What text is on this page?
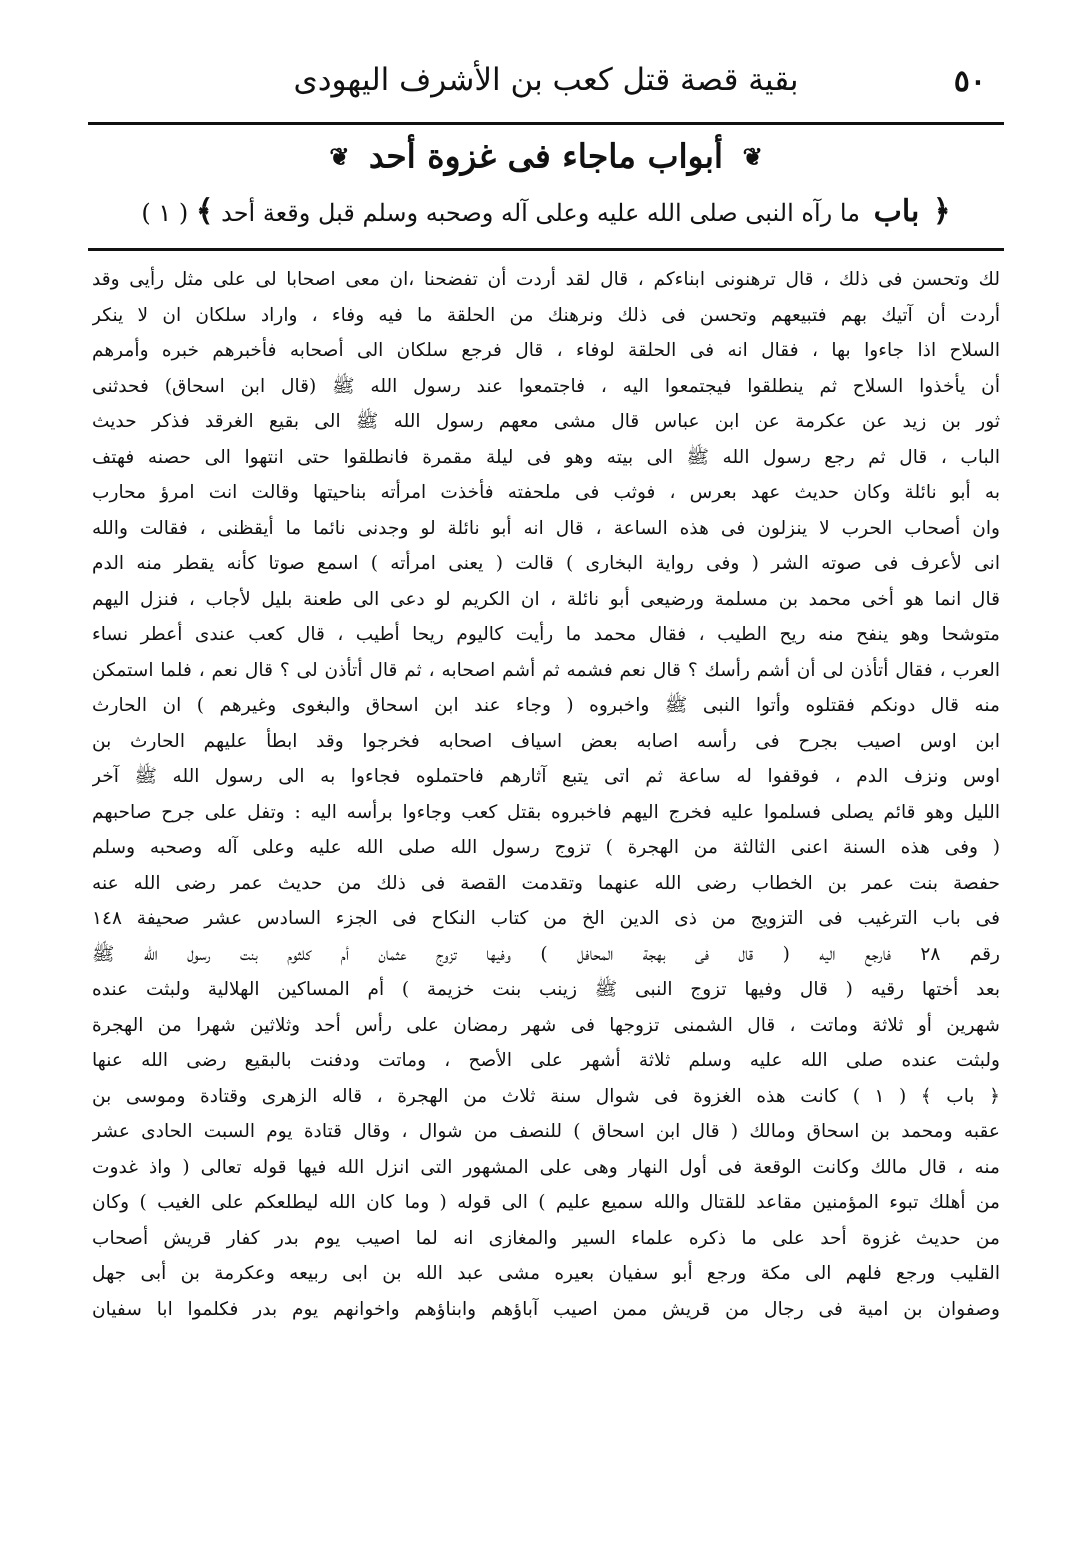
٥٠
بقية قصة قتل كعب بن الأشرف اليهودى
❦ أبواب ماجاء فى غزوة أحد ❦
﴿ باب ما رآه النبى صلى الله عليه وعلى آله وصحبه وسلم قبل وقعة أحد ﴾ ( ١ )
لك وتحسن فى ذلك ، قال ترهنونى ابناءكم ، قال لقد أردت أن تفضحنا ،ان معى اصحابا لى على مثل رأيى وقد
أردت أن آتيك بهم فتبيعهم وتحسن فى ذلك ونرهنك من الحلقة ما فيه وفاء ، واراد سلكان ان لا ينكر
السلاح اذا جاءوا بها ، فقال انه فى الحلقة لوفاء ، قال فرجع سلكان الى أصحابه فأخبرهم خبره وأمرهم
أن يأخذوا السلاح ثم ينطلقوا فيجتمعوا اليه ، فاجتمعوا عند رسول الله ﷺ (قال ابن اسحاق) فحدثنى
ثور بن زيد عن عكرمة عن ابن عباس قال مشى معهم رسول الله ﷺ الى بقيع الغرقد فذكر حديث
الباب ، قال ثم رجع رسول الله ﷺ الى بيته وهو فى ليلة مقمرة فانطلقوا حتى انتهوا الى حصنه فهتف
به أبو نائلة وكان حديث عهد بعرس ، فوثب فى ملحفته فأخذت امرأته بناحيتها وقالت انت امرؤ محارب
وان أصحاب الحرب لا ينزلون فى هذه الساعة ، قال انه أبو نائلة لو وجدنى نائما ما أيقظنى ، فقالت والله
انى لأعرف فى صوته الشر ( وفى رواية البخارى ) قالت ( يعنى امرأته ) اسمع صوتا كأنه يقطر منه الدم
قال انما هو أخى محمد بن مسلمة ورضيعى أبو نائلة ، ان الكريم لو دعى الى طعنة بليل لأجاب ، فنزل اليهم
متوشحا وهو ينفح منه ريح الطيب ، فقال محمد ما رأيت كاليوم ريحا أطيب ، قال كعب عندى أعطر نساء
العرب ، فقال أتأذن لى أن أشم رأسك ؟ قال نعم فشمه ثم أشم اصحابه ، ثم قال أتأذن لى ؟ قال نعم ، فلما استمكن
منه قال دونكم فقتلوه وأتوا النبى ﷺ واخبروه ( وجاء عند ابن اسحاق والبغوى وغيرهم ) ان الحارث
ابن اوس اصيب بجرح فى رأسه اصابه بعض اسياف اصحابه فخرجوا وقد ابطأ عليهم الحارث بن
اوس ونزف الدم ، فوقفوا له ساعة ثم اتى يتبع آثارهم فاحتملوه فجاءوا به الى رسول الله ﷺ آخر
الليل وهو قائم يصلى فسلموا عليه فخرج اليهم فاخبروه بقتل كعب وجاءوا برأسه اليه : وتفل على جرح صاحبهم
( وفى هذه السنة اعنى الثالثة من الهجرة ) تزوج رسول الله صلى الله عليه وعلى آله وصحبه وسلم
حفصة بنت عمر بن الخطاب رضى الله عنهما وتقدمت القصة فى ذلك من حديث عمر رضى الله عنه
فى باب الترغيب فى التزويج من ذى الدين الخ من كتاب النكاح فى الجزء السادس عشر صحيفة ١٤٨
رقم ٢٨ فارجع اليه ( قال فى بهجة المحافل ) وفيها تزوج عثمان أم كلثوم بنت رسول الله ﷺ
بعد أختها رقيه ( قال وفيها تزوج النبى ﷺ زينب بنت خزيمة ) أم المساكين الهلالية ولبثت عنده
شهرين أو ثلاثة وماتت ، قال الشمنى تزوجها فى شهر رمضان على رأس أحد وثلاثين شهرا من الهجرة
ولبثت عنده صلى الله عليه وسلم ثلاثة أشهر على الأصح ، وماتت ودفنت بالبقيع رضى الله عنها
﴿ باب ﴾ ( ١ ) كانت هذه الغزوة فى شوال سنة ثلاث من الهجرة ، قاله الزهرى وقتادة وموسى بن
عقبه ومحمد بن اسحاق ومالك ( قال ابن اسحاق ) للنصف من شوال ، وقال قتادة يوم السبت الحادى عشر
منه ، قال مالك وكانت الوقعة فى أول النهار وهى على المشهور التى انزل الله فيها قوله تعالى ( واذ غدوت
من أهلك تبوء المؤمنين مقاعد للقتال والله سميع عليم ) الى قوله ( وما كان الله ليطلعكم على الغيب ) وكان
من حديث غزوة أحد على ما ذكره علماء السير والمغازى انه لما اصيب يوم بدر كفار قريش أصحاب
القليب ورجع فلهم الى مكة ورجع أبو سفيان بعيره مشى عبد الله بن ابى ربيعه وعكرمة بن أبى جهل
وصفوان بن امية فى رجال من قريش ممن اصيب آباؤهم وابناؤهم واخوانهم يوم بدر فكلموا ابا سفيان
